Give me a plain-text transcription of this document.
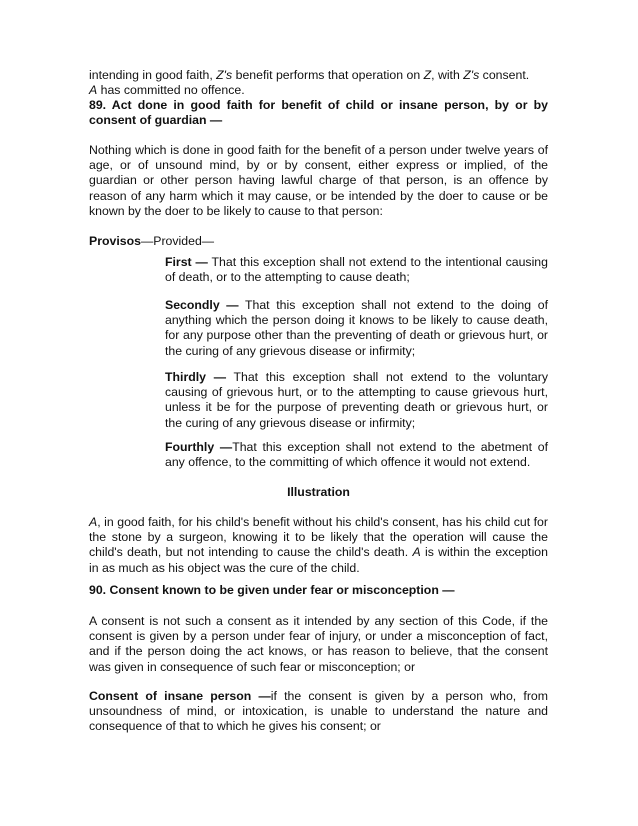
intending in good faith, Z's benefit performs that operation on Z, with Z's consent.

A has committed no offence.

89. Act done in good faith for benefit of child or insane person, by or by consent of guardian —

Nothing which is done in good faith for the benefit of a person under twelve years of age, or of unsound mind, by or by consent, either express or implied, of the guardian or other person having lawful charge of that person, is an offence by reason of any harm which it may cause, or be intended by the doer to cause or be known by the doer to be likely to cause to that person:

Provisos—Provided—

First — That this exception shall not extend to the intentional causing of death, or to the attempting to cause death;

Secondly — That this exception shall not extend to the doing of anything which the person doing it knows to be likely to cause death, for any purpose other than the preventing of death or grievous hurt, or the curing of any grievous disease or infirmity;

Thirdly — That this exception shall not extend to the voluntary causing of grievous hurt, or to the attempting to cause grievous hurt, unless it be for the purpose of preventing death or grievous hurt, or the curing of any grievous disease or infirmity;

Fourthly —That this exception shall not extend to the abetment of any offence, to the committing of which offence it would not extend.

Illustration

A, in good faith, for his child's benefit without his child's consent, has his child cut for the stone by a surgeon, knowing it to be likely that the operation will cause the child's death, but not intending to cause the child's death. A is within the exception in as much as his object was the cure of the child.

90. Consent known to be given under fear or misconception —

A consent is not such a consent as it intended by any section of this Code, if the consent is given by a person under fear of injury, or under a misconception of fact, and if the person doing the act knows, or has reason to believe, that the consent was given in consequence of such fear or misconception; or

Consent of insane person —if the consent is given by a person who, from unsoundness of mind, or intoxication, is unable to understand the nature and consequence of that to which he gives his consent; or
